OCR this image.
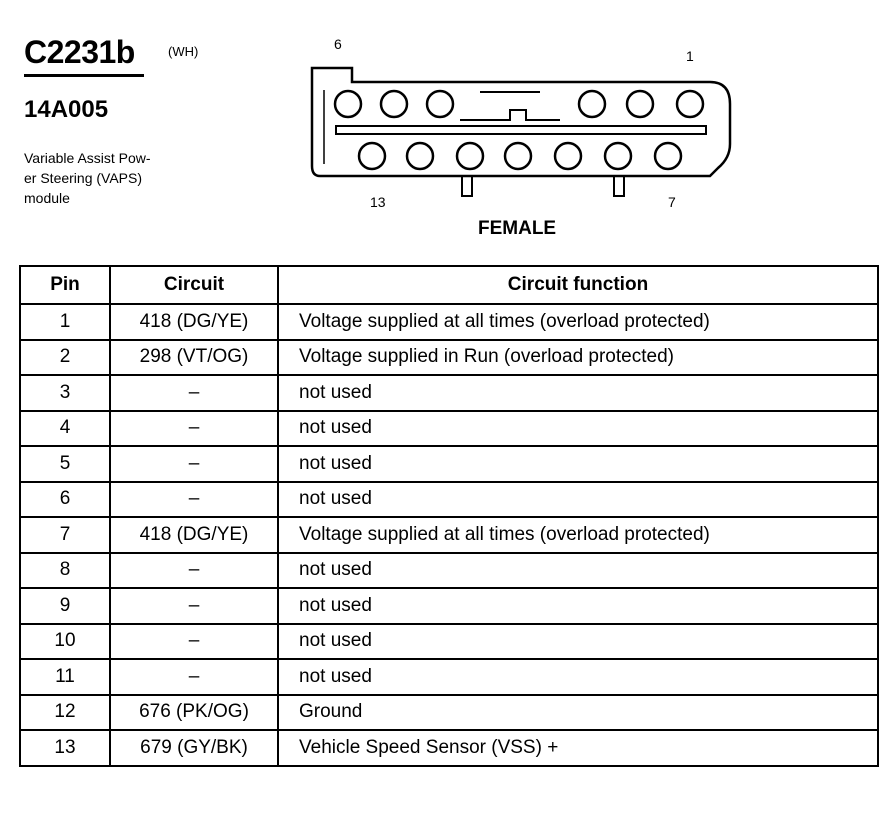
C2231b	(WH)
14A005
Variable Assist Pow-
er Steering (VAPS)
module
6
1
13	7
FEMALE
Pin	Circuit	Circuit function
1	418 (DG/YE)	Voltage supplied at all times (overload protected)
2	298 (VT/OG)	Voltage supplied in Run (overload protected)
3	–	not used
4	–	not used
5	–	not used
6	–	not used
7	418 (DG/YE)	Voltage supplied at all times (overload protected)
8	–	not used
9	–	not used
10	–	not used
11	–	not used
12	676 (PK/OG)	Ground
13	679 (GY/BK)	Vehicle Speed Sensor (VSS) +
